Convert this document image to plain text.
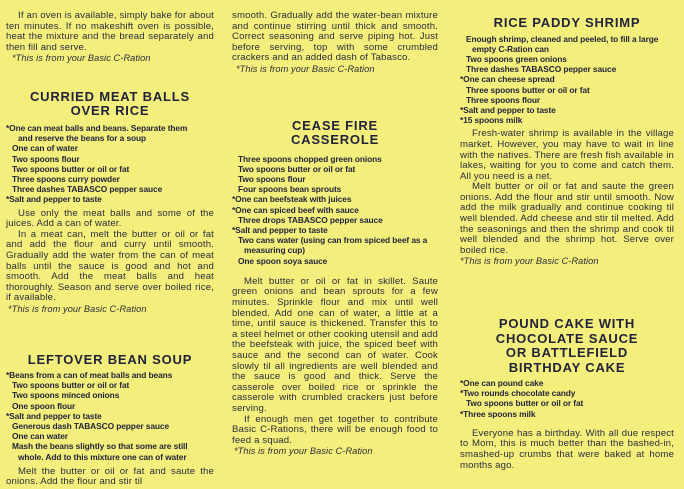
If an oven is available, simply bake for about ten minutes. If no makeshift oven is possible, heat the mixture and the bread separately and then fill and serve.

*This is from your Basic C-Ration

CURRIED MEAT BALLS

OVER RICE

*One can meat balls and beans. Separate them

and reserve the beans for a soup

One can of water

Two spoons flour

Two spoons butter or oil or fat

Three spoons curry powder

Three dashes TABASCO pepper sauce

*Salt and pepper to taste

Use only the meat balls and some of the juices. Add a can of water.

In a meat can, melt the butter or oil or fat and add the flour and curry until smooth. Gradually add the water from the can of meat balls until the sauce is good and hot and smooth. Add the meat balls and heat thoroughly. Season and serve over boiled rice, if available.

*This is from your Basic C-Ration

LEFTOVER BEAN SOUP

*Beans from a can of meat balls and beans

Two spoons butter or oil or fat

Two spoons minced onions

One spoon flour

*Salt and pepper to taste

Generous dash TABASCO pepper sauce

One can water

Mash the beans slightly so that some are still

whole. Add to this mixture one can of water

Melt the butter or oil or fat and saute the onions. Add the flour and stir til

smooth. Gradually add the water-bean mixture and continue stirring until thick and smooth. Correct seasoning and serve piping hot. Just before serving, top with some crumbled crackers and an added dash of Tabasco.

*This is from your Basic C-Ration

CEASE FIRE

CASSEROLE

Three spoons chopped green onions

Two spoons butter or oil or fat

Two spoons flour

Four spoons bean sprouts

*One can beefsteak with juices

*One can spiced beef with sauce

Three drops TABASCO pepper sauce

*Salt and pepper to taste

Two cans water (using can from spiced beef as a

measuring cup)

One spoon soya sauce

Melt butter or oil or fat in skillet. Saute green onions and bean sprouts for a few minutes. Sprinkle flour and mix until well blended. Add one can of water, a little at a time, until sauce is thickened. Transfer this to a steel helmet or other cooking utensil and add the beefsteak with juice, the spiced beef with sauce and the second can of water. Cook slowly til all ingredients are well blended and the sauce is good and thick. Serve the casserole over boiled rice or sprinkle the casserole with crumbled crackers just before serving.

If enough men get together to contribute Basic C-Rations, there will be enough food to feed a squad.

*This is from your Basic C-Ration

RICE PADDY SHRIMP

Enough shrimp, cleaned and peeled, to fill a large

empty C-Ration can

Two spoons green onions

Three dashes TABASCO pepper sauce

*One can cheese spread

Three spoons butter or oil or fat

Three spoons flour

*Salt and pepper to taste

*15 spoons milk

Fresh-water shrimp is available in the village market. However, you may have to wait in line with the natives. There are fresh fish available in lakes, waiting for you to come and catch them. All you need is a net.

Melt butter or oil or fat and saute the green onions. Add the flour and stir until smooth. Now add the milk gradually and continue cooking til well blended. Add cheese and stir til melted. Add the seasonings and then the shrimp and cook til well blended and the shrimp hot. Serve over boiled rice.

*This is from your Basic C-Ration

POUND CAKE WITH

CHOCOLATE SAUCE

OR BATTLEFIELD

BIRTHDAY CAKE

*One can pound cake

*Two rounds chocolate candy

Two spoons butter or oil or fat

*Three spoons milk

Everyone has a birthday. With all due respect to Mom, this is much better than the bashed-in, smashed-up crumbs that were baked at home months ago.
